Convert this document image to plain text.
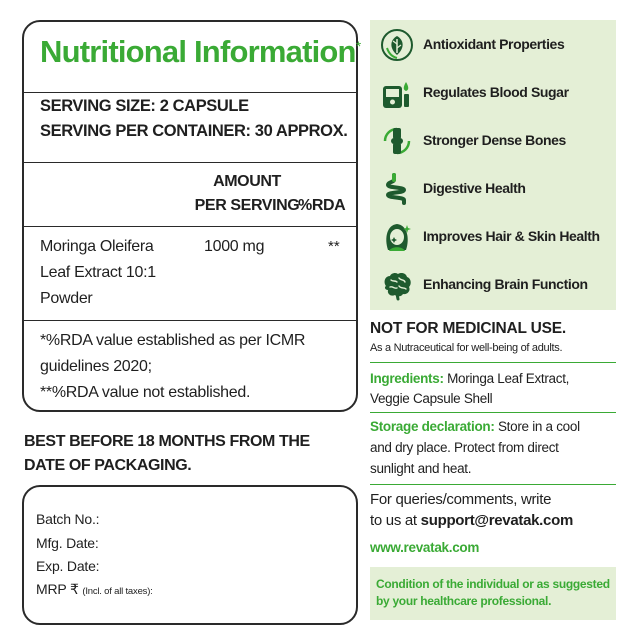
Nutritional Information*
SERVING SIZE: 2 CAPSULE
SERVING PER CONTAINER: 30 APPROX.
AMOUNT
PER SERVING
%RDA
Moringa Oleifera
Leaf Extract 10:1
Powder
1000 mg	**
*%RDA value established as per ICMR
guidelines 2020;
**%RDA value not established.
BEST BEFORE 18 MONTHS FROM THE
DATE OF PACKAGING.
Batch No.:
Mfg. Date:
Exp. Date:
MRP ₹ (Incl. of all taxes):
Antioxidant Properties
Regulates Blood Sugar
Stronger Dense Bones
Digestive Health
Improves Hair & Skin Health
Enhancing Brain Function
NOT FOR MEDICINAL USE.
As a Nutraceutical for well-being of adults.
Ingredients: Moringa Leaf Extract,
Veggie Capsule Shell
Storage declaration: Store in a cool
and dry place. Protect from direct
sunlight and heat.
For queries/comments, write
to us at support@revatak.com
www.revatak.com
Condition of the individual or as suggested
by your healthcare professional.
